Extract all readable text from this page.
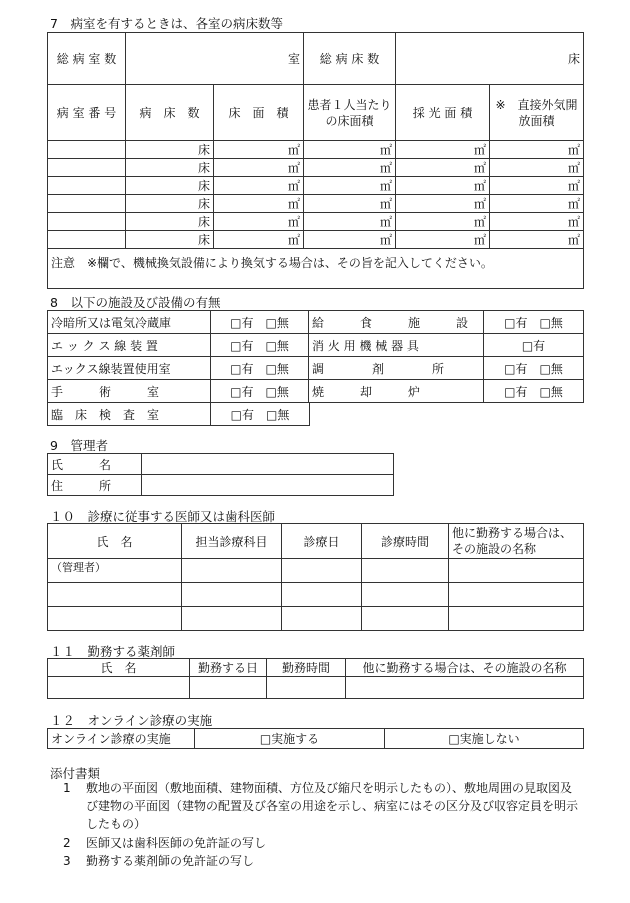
7　病室を有するときは、各室の病床数等
総 病 室 数	室		総 病 床 数	床	
病 室 番 号	病　床　数	床　面　積	患者１人当たりの床面積	採 光 面 積	※　直接外気開放面積
	床	㎡	㎡	㎡	㎡
	床	㎡	㎡	㎡	㎡
	床	㎡	㎡	㎡	㎡
	床	㎡	㎡	㎡	㎡
	床	㎡	㎡	㎡	㎡
	床	㎡	㎡	㎡	㎡
注意　※欄で、機械換気設備により換気する場合は、その旨を記入してください。					
8　以下の施設及び設備の有無
冷暗所又は電気冷蔵庫	□有　□無	給　　　食　　　施　　　設	□有　□無
エ ッ ク ス 線 装 置	□有　□無	消 火 用 機 械 器 具	□有
エックス線装置使用室	□有　□無	調　　　　剤　　　　所	□有　□無
手　　　術　　　室	□有　□無	焼　　　却　　　炉	□有　□無
臨　床　検　査　室	□有　□無
9　管理者
氏　　　名	
住　　　所	
１０　診療に従事する医師又は歯科医師
氏　名	担当診療科目	診療日	診療時間	他に勤務する場合は、その施設の名称
（管理者）				

１１　勤務する薬剤師
氏　名	勤務する日	勤務時間	他に勤務する場合は、その施設の名称

１２　オンライン診療の実施
オンライン診療の実施	□実施する	□実施しない
添付書類
1 敷地の平面図（敷地面積、建物面積、方位及び縮尺を明示したもの）、敷地周囲の見取図及び建物の平面図（建物の配置及び各室の用途を示し、病室にはその区分及び収容定員を明示したもの）
2 医師又は歯科医師の免許証の写し
3 勤務する薬剤師の免許証の写し
